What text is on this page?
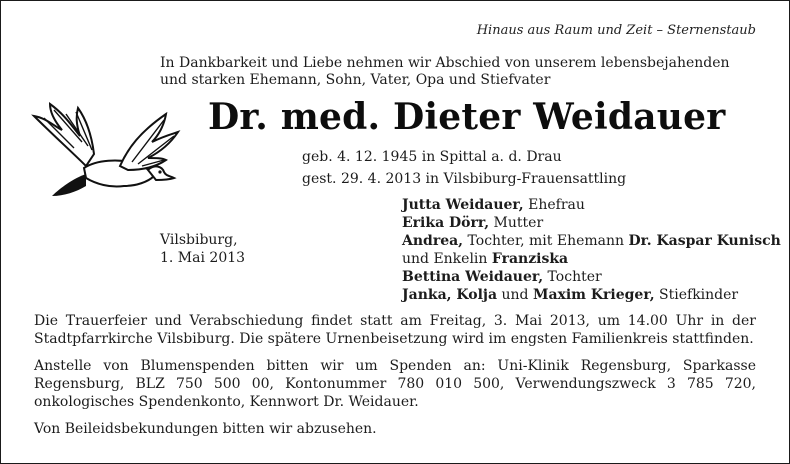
Hinaus aus Raum und Zeit – Sternenstaub
In Dankbarkeit und Liebe nehmen wir Abschied von unserem lebensbejahenden und starken Ehemann, Sohn, Vater, Opa und Stiefvater
Dr. med. Dieter Weidauer
geb. 4. 12. 1945 in Spittal a. d. Drau
gest. 29. 4. 2013 in Vilsbiburg-Frauensattling
Vilsbiburg,
1. Mai 2013
Jutta Weidauer, Ehefrau
Erika Dörr, Mutter
Andrea, Tochter, mit Ehemann Dr. Kaspar Kunisch
und Enkelin Franziska
Bettina Weidauer, Tochter
Janka, Kolja und Maxim Krieger, Stiefkinder
Die Trauerfeier und Verabschiedung findet statt am Freitag, 3. Mai 2013, um 14.00 Uhr in der Stadtpfarrkirche Vilsbiburg. Die spätere Urnenbeisetzung wird im engsten Familienkreis stattfinden.
Anstelle von Blumenspenden bitten wir um Spenden an: Uni-Klinik Regensburg, Sparkasse Regensburg, BLZ 750 500 00, Kontonummer 780 010 500, Verwendungszweck 3 785 720, onkologisches Spendenkonto, Kennwort Dr. Weidauer.
Von Beileidsbekundungen bitten wir abzusehen.
